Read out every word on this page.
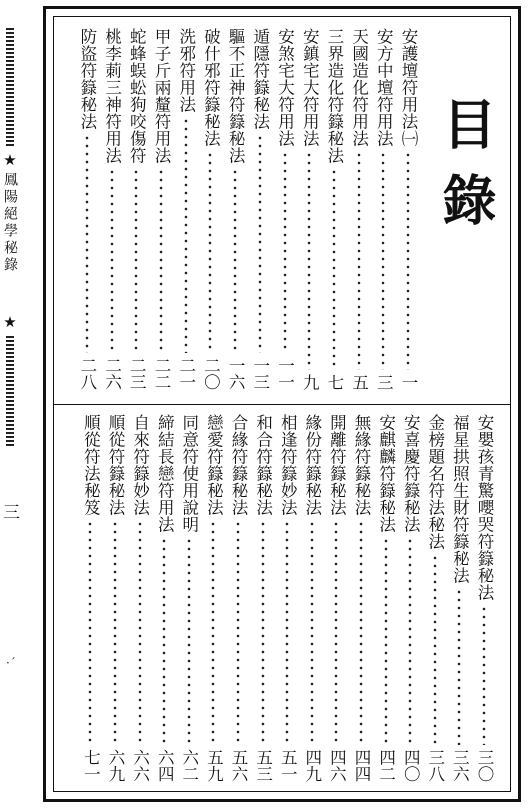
★
鳳陽絕學秘錄
★
三
·ˊ
目錄
安護壇符用法㈠
一
安方中壇符用法
三
天國造化符用法
五
三界造化符籙秘法
七
安鎮宅大符用法
九
安煞宅大符用法
一一
遁隱符籙秘法
一三
驅不正神符籙秘法
一六
破什邪符籙秘法
二〇
洗邪符用法
二一
甲子斤兩釐符用法
二二
蛇蜂蜈蚣狗咬傷符
二三
桃李莿三神符用法
二六
防盜符籙秘法
二八
安嬰孩青驚嚶哭符籙秘法
三〇
福星拱照生財符籙秘法
三六
金榜題名符法秘法
三八
安喜慶符籙秘法
四〇
安麒麟符籙秘法
四二
無緣符籙秘法
四四
開離符籙秘法
四六
緣份符籙秘法
四九
相逢符籙妙法
五一
和合符籙秘法
五三
合緣符籙秘法
五六
戀愛符籙秘法
五九
同意符使用說明
六二
締結長戀符用法
六四
自來符籙妙法
六六
順從符籙秘法
六九
順從符法秘笈
七一
